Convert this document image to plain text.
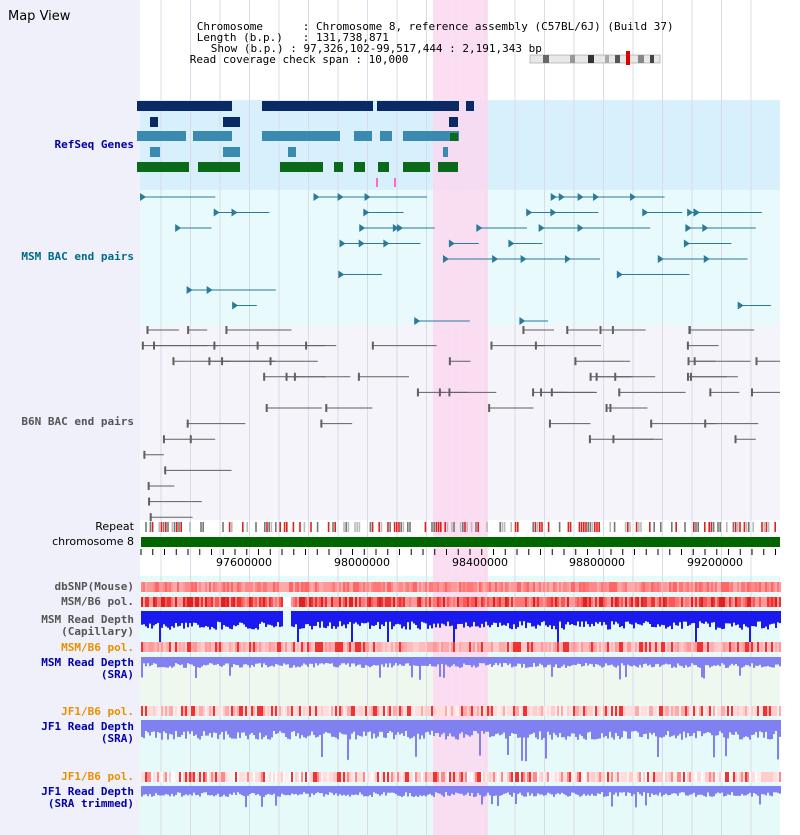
Map View

Chromosome      : Chromosome 8, reference assembly (C57BL/6J) (Build 37)

Length (b.p.)   : 131,738,871

Show (b.p.) : 97,326,102-99,517,444 : 2,191,343 bp

Read coverage check span : 10,000

RefSeq Genes
MSM BAC end pairs
B6N BAC end pairs
Repeat
chromosome 8
dbSNP(Mouse)
MSM/B6 pol.
MSM Read Depth
(Capillary)
MSM/B6 pol.
MSM Read Depth
(SRA)
JF1/B6 pol.
JF1 Read Depth
(SRA)
JF1/B6 pol.
JF1 Read Depth
(SRA trimmed)
97600000	98000000	98400000	98800000	99200000
